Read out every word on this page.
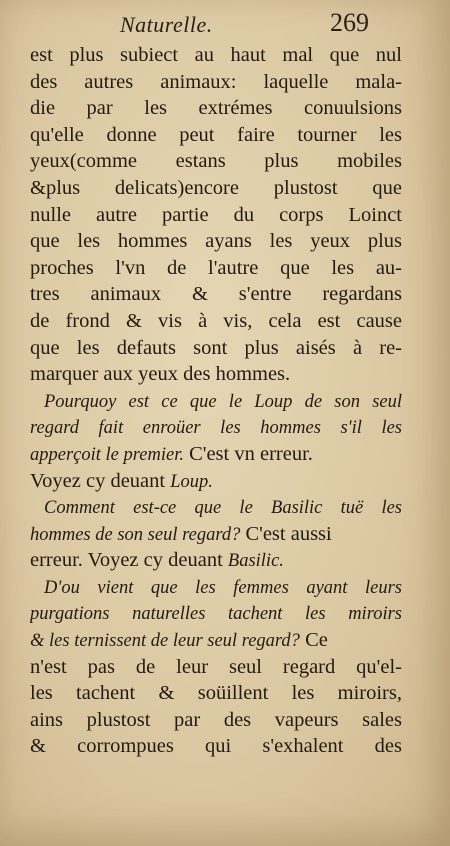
Naturelle.	269
est plus subiect au haut mal que nul
des autres animaux: laquelle mala-
die par les extrémes conuulsions
qu'elle donne peut faire tourner les
yeux(comme estans plus mobiles
&plus delicats)encore plustost que
nulle autre partie du corps Loinct
que les hommes ayans les yeux plus
proches l'vn de l'autre que les au-
tres animaux & s'entre regardans
de frond & vis à vis, cela est cause
que les defauts sont plus aisés à re-
marquer aux yeux des hommes.
Pourquoy est ce que le Loup de son seul
regard fait enroüer les hommes s'il les
apperçoit le premier. C'est vn erreur.
Voyez cy deuant Loup.
Comment est-ce que le Basilic tuë les
hommes de son seul regard? C'est aussi
erreur. Voyez cy deuant Basilic.
D'ou vient que les femmes ayant leurs
purgations naturelles tachent les miroirs
& les ternissent de leur seul regard? Ce
n'est pas de leur seul regard qu'el-
les tachent & soüillent les miroirs,
ains plustost par des vapeurs sales
& corrompues qui s'exhalent des
